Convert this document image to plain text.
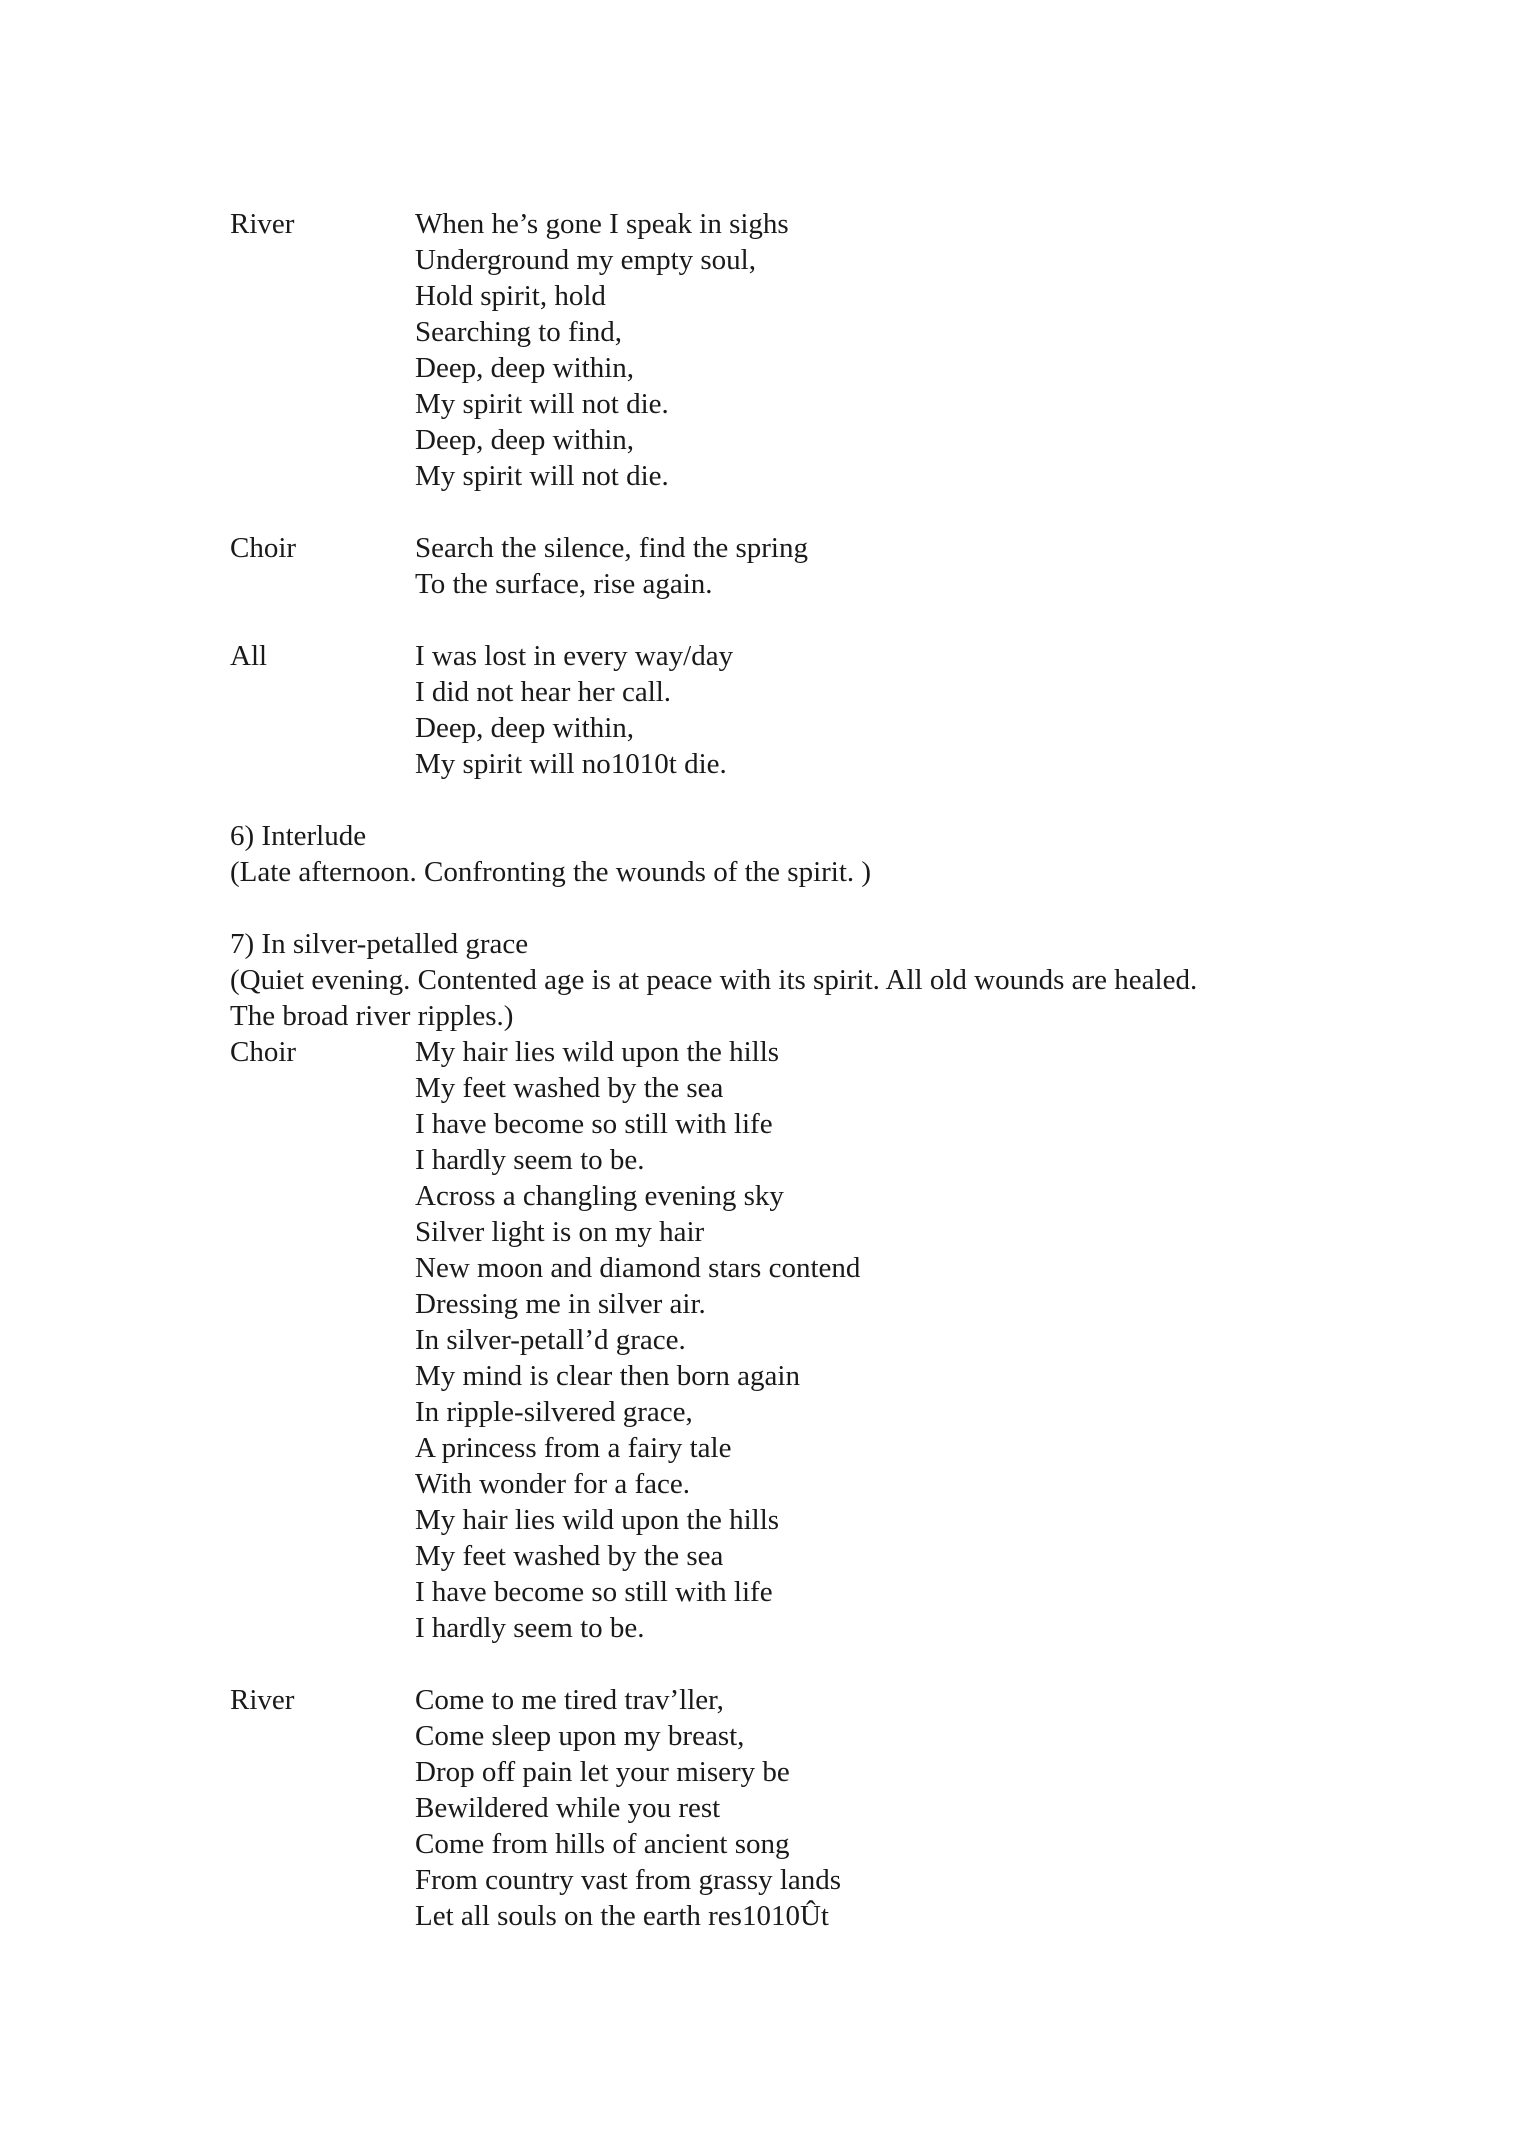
River	When he’s gone I speak in sighs
Underground my empty soul,
Hold spirit, hold
Searching to find,
Deep, deep within,
My spirit will not die.
Deep, deep within,
My spirit will not die.
Choir	Search the silence, find the spring
To the surface, rise again.
All	I was lost in every way/day
I did not hear her call.
Deep, deep within,
My spirit will no1010t die.
6) Interlude
(Late afternoon. Confronting the wounds of the spirit. )
7) In silver-petalled grace
(Quiet evening. Contented age is at peace with its spirit. All old wounds are healed. The broad river ripples.)
Choir	My hair lies wild upon the hills
My feet washed by the sea
I have become so still with life
I hardly seem to be.
Across a changling evening sky
Silver light is on my hair
New moon and diamond stars contend
Dressing me in silver air.
In silver-petall’d grace.
My mind is clear then born again
In ripple-silvered grace,
A princess from a fairy tale
With wonder for a face.
My hair lies wild upon the hills
My feet washed by the sea
I have become so still with life
I hardly seem to be.
River	Come to me tired trav’ller,
Come sleep upon my breast,
Drop off pain let your misery be
Bewildered while you rest
Come from hills of ancient song
From country vast from grassy lands
Let all souls on the earth res1010Ût
